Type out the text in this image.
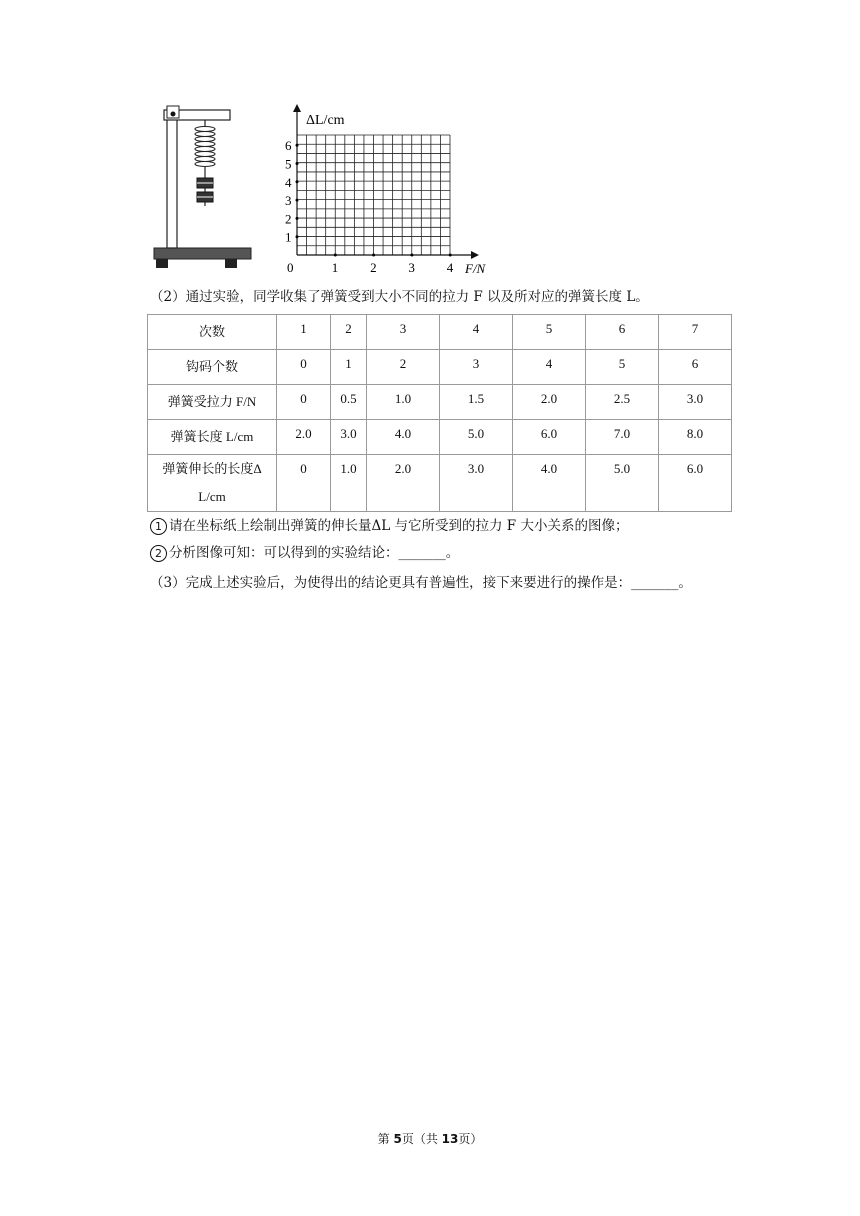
ΔL/cm
F/N
0	1 2 3 4
1
2
3
4
5
6
（2）通过实验，同学收集了弹簧受到大小不同的拉力 F 以及所对应的弹簧长度 L。
次数	1	2	3	4	5	6	7
钩码个数	0	1	2	3	4	5	6
弹簧受拉力 F/N	0	0.5	1.0	1.5	2.0	2.5	3.0
弹簧长度 L/cm	2.0	3.0	4.0	5.0	6.0	7.0	8.0
弹簧伸长的长度Δ
L/cm	0	1.0	2.0	3.0	4.0	5.0	6.0
1 请在坐标纸上绘制出弹簧的伸长量ΔL 与它所受到的拉力 F 大小关系的图像；
2 分析图像可知：可以得到的实验结论：_______。
（3）完成上述实验后，为使得出的结论更具有普遍性，接下来要进行的操作是：_______。
第 5页（共 13页）
